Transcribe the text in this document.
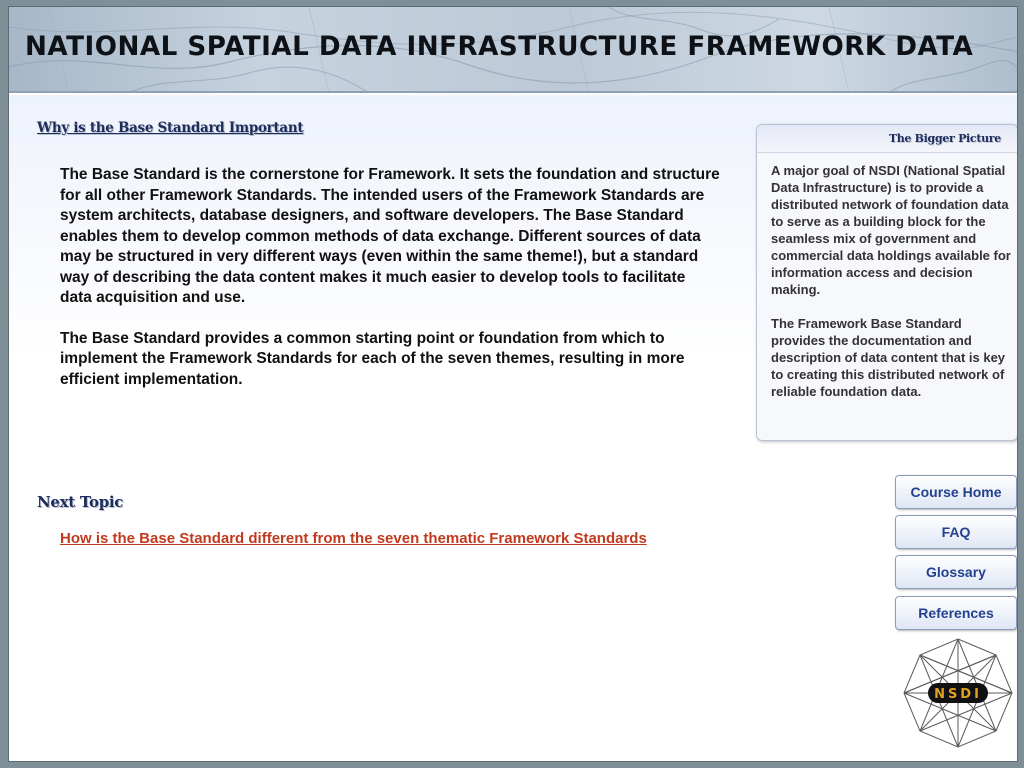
NATIONAL SPATIAL DATA INFRASTRUCTURE FRAMEWORK DATA
Why is the Base Standard Important

The Base Standard is the cornerstone for Framework. It sets the foundation and structure for all other Framework Standards. The intended users of the Framework Standards are system architects, database designers, and software developers. The Base Standard enables them to develop common methods of data exchange. Different sources of data may be structured in very different ways (even within the same theme!), but a standard way of describing the data content makes it much easier to develop tools to facilitate data acquisition and use.

The Base Standard provides a common starting point or foundation from which to implement the Framework Standards for each of the seven themes, resulting in more efficient implementation.

Next Topic
How is the Base Standard different from the seven thematic Framework Standards
The Bigger Picture

A major goal of NSDI (National Spatial Data Infrastructure) is to provide a distributed network of foundation data to serve as a building block for the seamless mix of government and commercial data holdings available for information access and decision making.

The Framework Base Standard provides the documentation and description of data content that is key to creating this distributed network of reliable foundation data.

Course Home
FAQ
Glossary
References
NSDI
